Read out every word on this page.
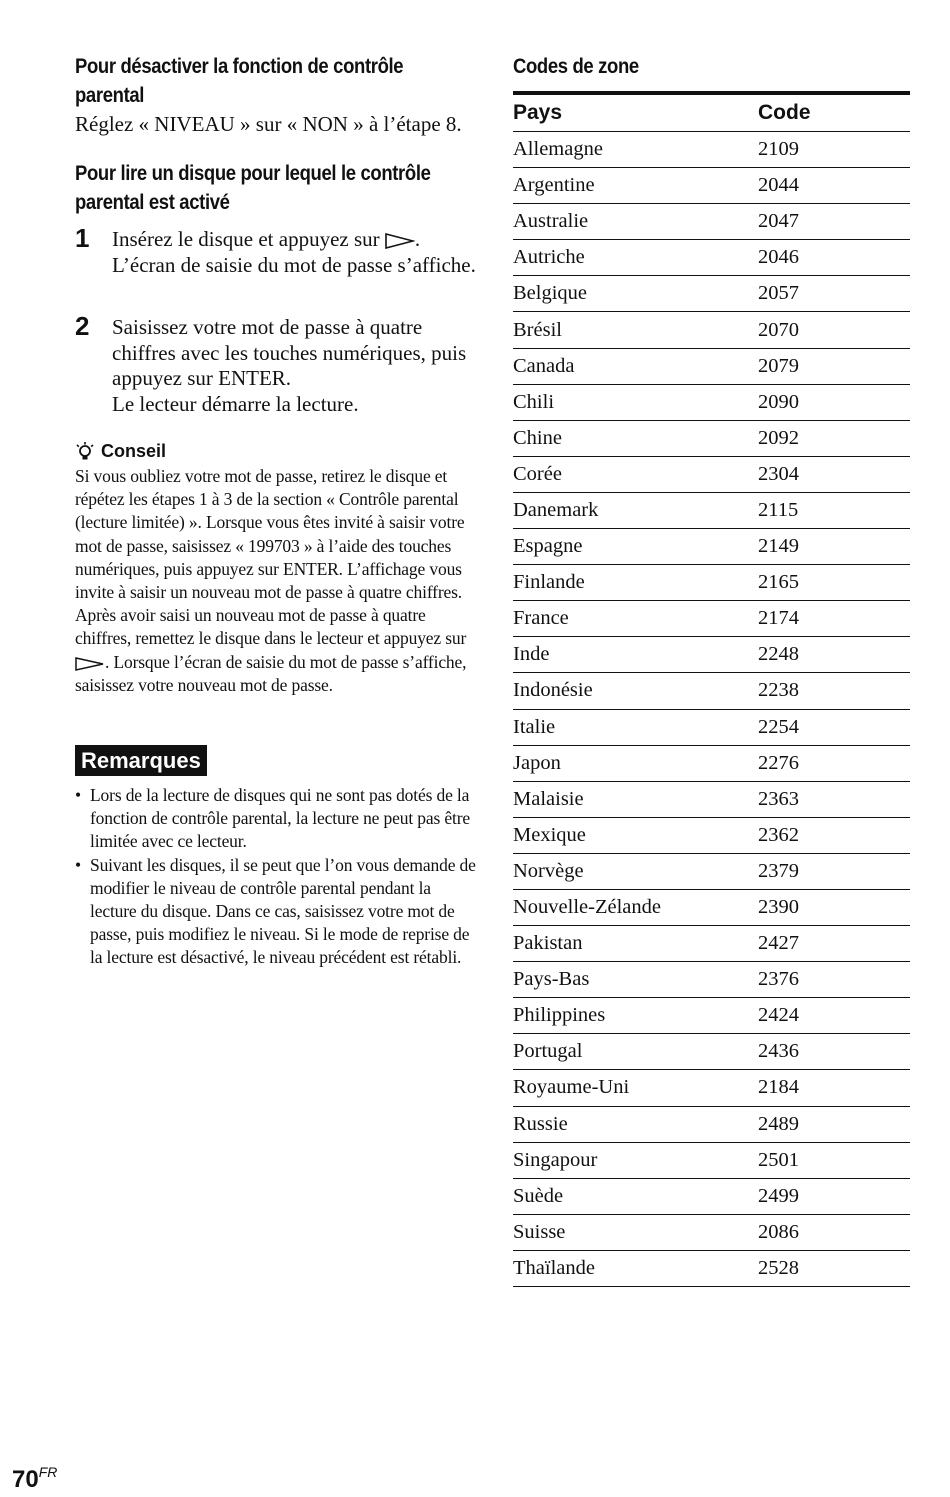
Pour désactiver la fonction de contrôle parental
Réglez « NIVEAU » sur « NON » à l’étape 8.
Pour lire un disque pour lequel le contrôle parental est activé
1 Insérez le disque et appuyez sur .
L’écran de saisie du mot de passe s’affiche.
2 Saisissez votre mot de passe à quatre chiffres avec les touches numériques, puis appuyez sur ENTER.
Le lecteur démarre la lecture.
Conseil
Si vous oubliez votre mot de passe, retirez le disque et répétez les étapes 1 à 3 de la section « Contrôle parental (lecture limitée) ». Lorsque vous êtes invité à saisir votre mot de passe, saisissez « 199703 » à l’aide des touches numériques, puis appuyez sur ENTER. L’affichage vous invite à saisir un nouveau mot de passe à quatre chiffres. Après avoir saisi un nouveau mot de passe à quatre chiffres, remettez le disque dans le lecteur et appuyez sur . Lorsque l’écran de saisie du mot de passe s’affiche, saisissez votre nouveau mot de passe.
Remarques
• Lors de la lecture de disques qui ne sont pas dotés de la fonction de contrôle parental, la lecture ne peut pas être limitée avec ce lecteur.
• Suivant les disques, il se peut que l’on vous demande de modifier le niveau de contrôle parental pendant la lecture du disque. Dans ce cas, saisissez votre mot de passe, puis modifiez le niveau. Si le mode de reprise de la lecture est désactivé, le niveau précédent est rétabli.
Codes de zone
Pays	Code
Allemagne	2109
Argentine	2044
Australie	2047
Autriche	2046
Belgique	2057
Brésil	2070
Canada	2079
Chili	2090
Chine	2092
Corée	2304
Danemark	2115
Espagne	2149
Finlande	2165
France	2174
Inde	2248
Indonésie	2238
Italie	2254
Japon	2276
Malaisie	2363
Mexique	2362
Norvège	2379
Nouvelle-Zélande	2390
Pakistan	2427
Pays-Bas	2376
Philippines	2424
Portugal	2436
Royaume-Uni	2184
Russie	2489
Singapour	2501
Suède	2499
Suisse	2086
Thaïlande	2528
$70^{FR}$
